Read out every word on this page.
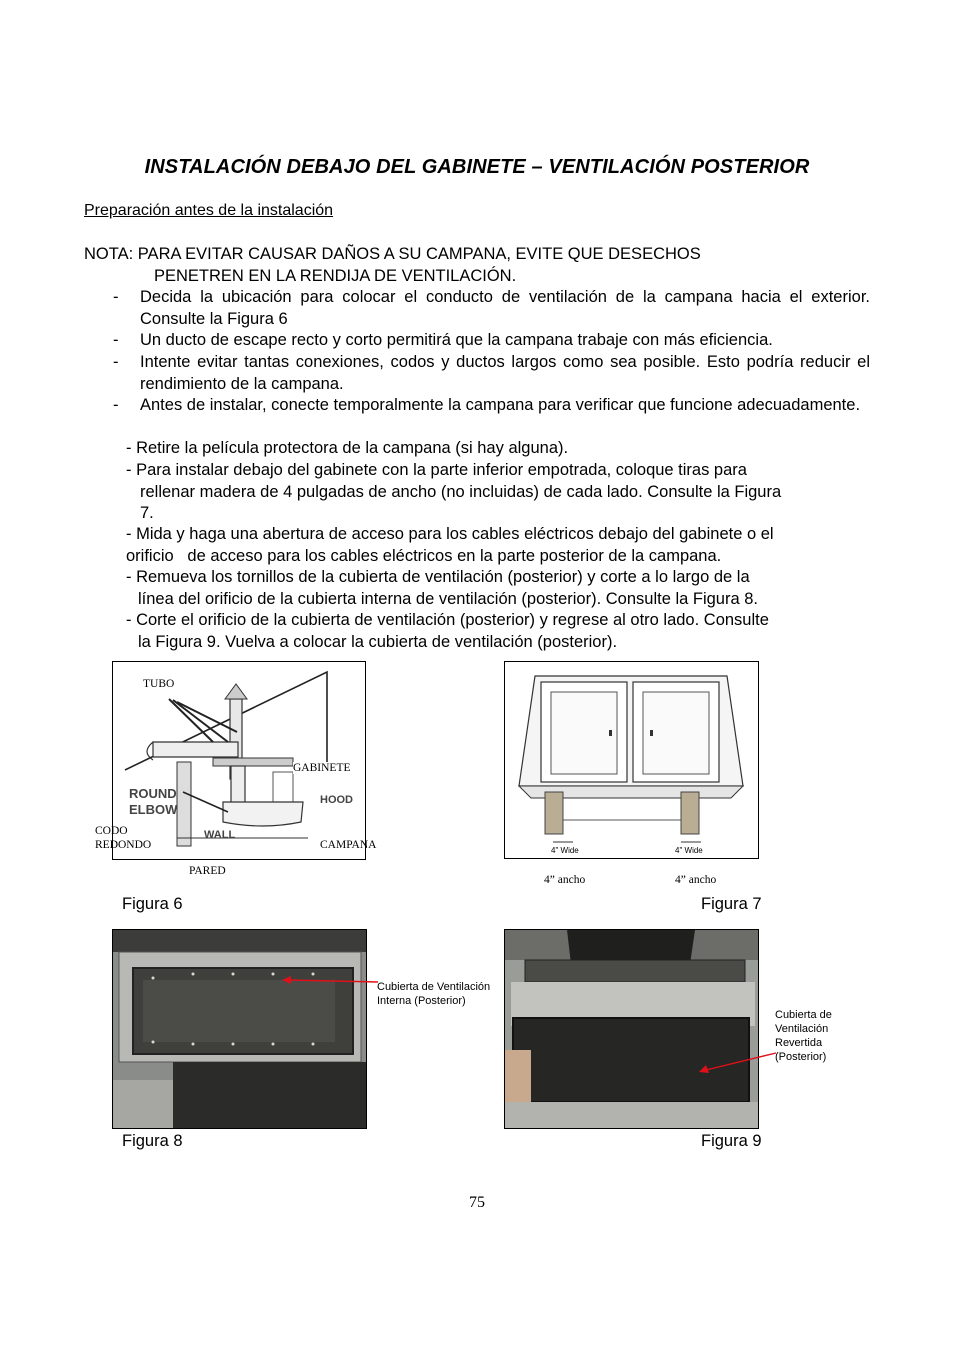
INSTALACIÓN DEBAJO DEL GABINETE – VENTILACIÓN POSTERIOR
Preparación antes de la instalación
NOTA: PARA EVITAR CAUSAR DAÑOS A SU CAMPANA, EVITE QUE DESECHOS
PENETREN EN LA RENDIJA DE VENTILACIÓN.
- Decida la ubicación para colocar el conducto de ventilación de la campana hacia el exterior. Consulte la Figura 6
- Un ducto de escape recto y corto permitirá que la campana trabaje con más eficiencia.
- Intente evitar tantas conexiones, codos y ductos largos como sea posible. Esto podría reducir el rendimiento de la campana.
- Antes de instalar, conecte temporalmente la campana para verificar que funcione adecuadamente.
- Retire la película protectora de la campana (si hay alguna).
- Para instalar debajo del gabinete con la parte inferior empotrada, coloque tiras para
rellenar madera de 4 pulgadas de ancho (no incluidas) de cada lado. Consulte la Figura
7.
- Mida y haga una abertura de acceso para los cables eléctricos debajo del gabinete o el
orificio   de acceso para los cables eléctricos en la parte posterior de la campana.
- Remueva los tornillos de la cubierta de ventilación (posterior) y corte a lo largo de la
línea del orificio de la cubierta interna de ventilación (posterior). Consulte la Figura 8.
- Corte el orificio de la cubierta de ventilación (posterior) y regrese al otro lado. Consulte
la Figura 9. Vuelva a colocar la cubierta de ventilación (posterior).
TUBO
GABINETE
ROUND
ELBOW
HOOD
WALL
CODO
REDONDO	CAMPANA
PARED
Figura 6
4" Wide	4" Wide
4” ancho	4” ancho
Figura 7
Cubierta de Ventilación
Interna (Posterior)
Figura 8
Cubierta de
Ventilación
Revertida
(Posterior)
Figura 9
75
